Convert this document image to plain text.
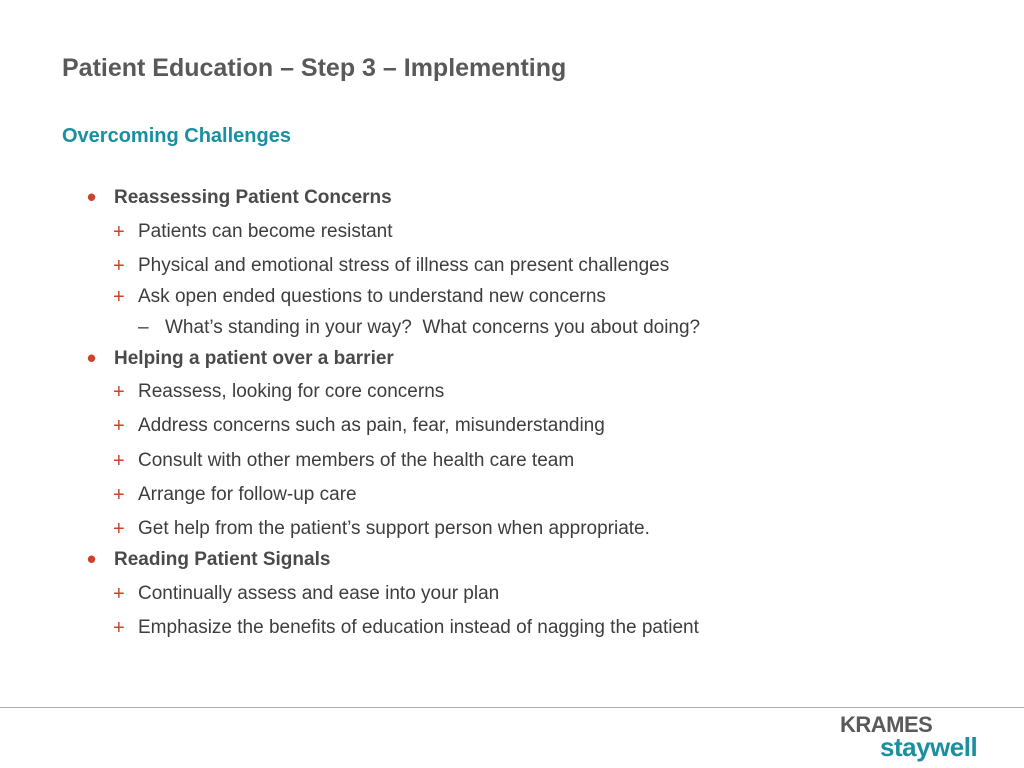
Patient Education – Step 3 – Implementing
Overcoming Challenges
• Reassessing Patient Concerns
+ Patients can become resistant
+ Physical and emotional stress of illness can present challenges
+ Ask open ended questions to understand new concerns
– What’s standing in your way?  What concerns you about doing?
• Helping a patient over a barrier
+ Reassess, looking for core concerns
+ Address concerns such as pain, fear, misunderstanding
+ Consult with other members of the health care team
+ Arrange for follow-up care
+ Get help from the patient’s support person when appropriate.
• Reading Patient Signals
+ Continually assess and ease into your plan
+ Emphasize the benefits of education instead of nagging the patient
KRAMES
staywell
